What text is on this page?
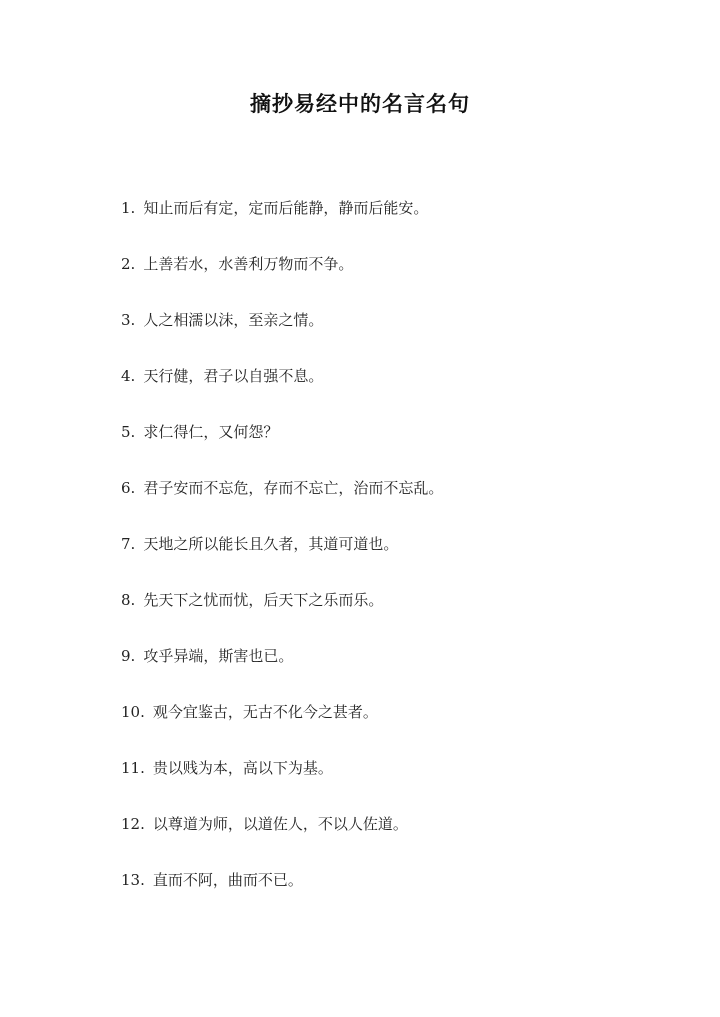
摘抄易经中的名言名句
1. 知止而后有定，定而后能静，静而后能安。
2. 上善若水，水善利万物而不争。
3. 人之相濡以沫，至亲之情。
4. 天行健，君子以自强不息。
5. 求仁得仁，又何怨？
6. 君子安而不忘危，存而不忘亡，治而不忘乱。
7. 天地之所以能长且久者，其道可道也。
8. 先天下之忧而忧，后天下之乐而乐。
9. 攻乎异端，斯害也已。
10. 观今宜鉴古，无古不化今之甚者。
11. 贵以贱为本，高以下为基。
12. 以尊道为师，以道佐人，不以人佐道。
13. 直而不阿，曲而不已。
